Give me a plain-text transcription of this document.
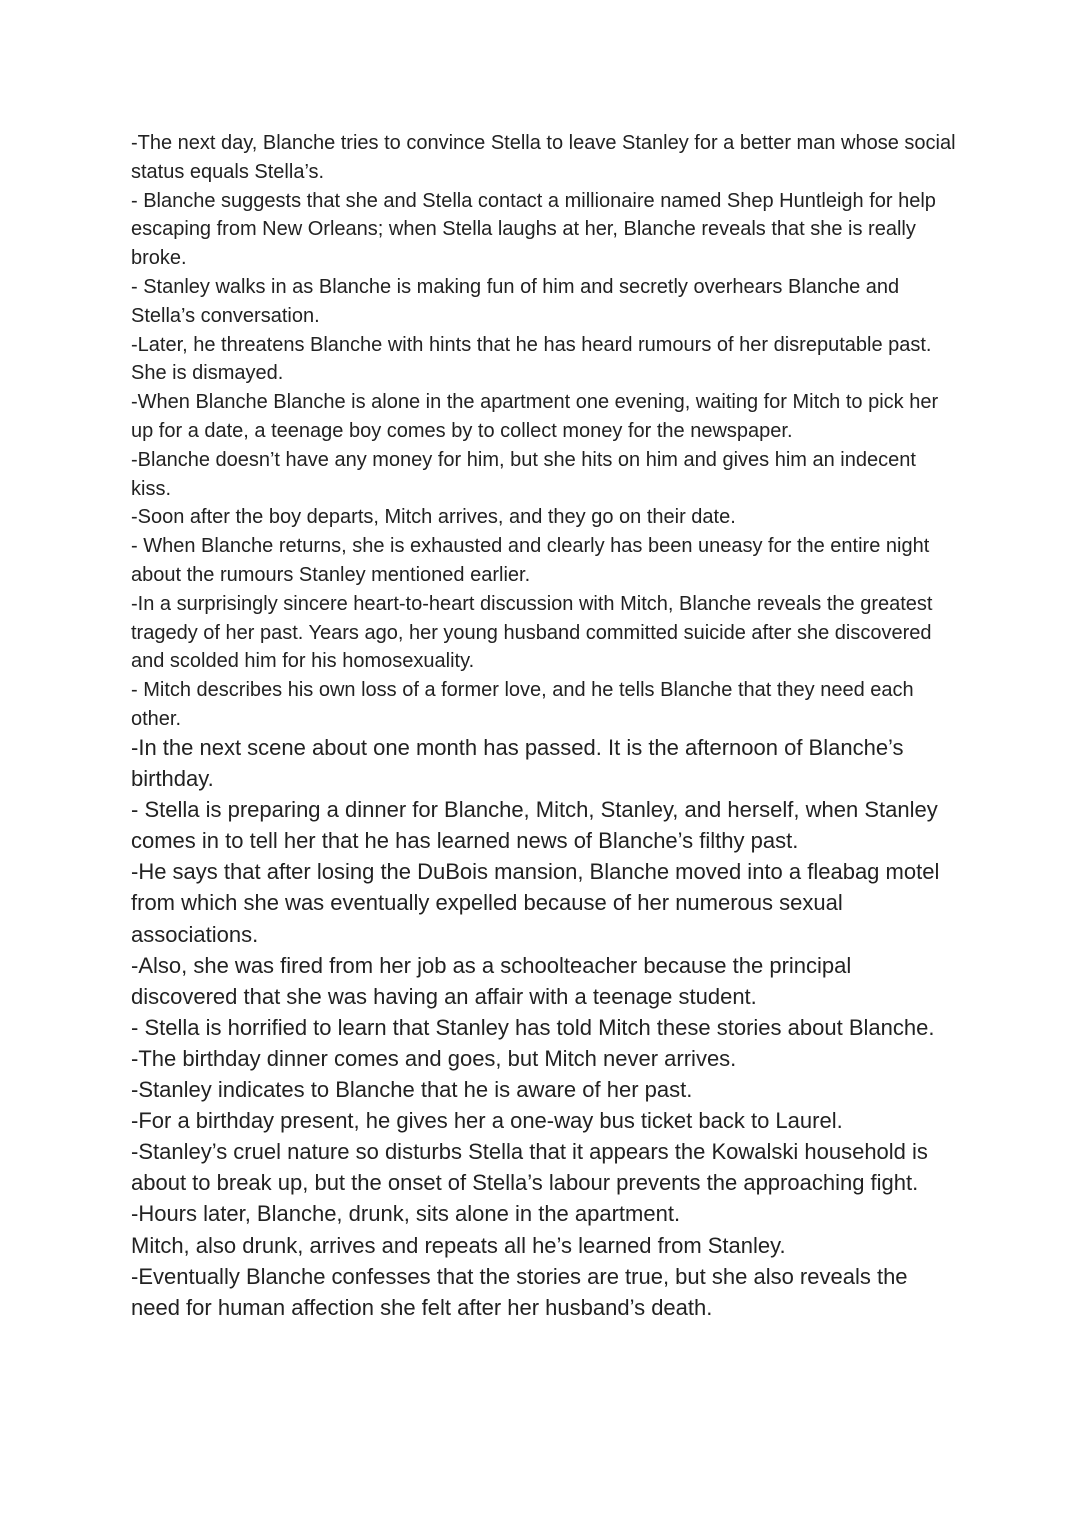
-The next day, Blanche tries to convince Stella to leave Stanley for a better man whose social status equals Stella’s.
- Blanche suggests that she and Stella contact a millionaire named Shep Huntleigh for help escaping from New Orleans; when Stella laughs at her, Blanche reveals that she is really broke.
- Stanley walks in as Blanche is making fun of him and secretly overhears Blanche and Stella’s conversation.
-Later, he threatens Blanche with hints that he has heard rumours of her disreputable past. She is dismayed.
-When Blanche Blanche is alone in the apartment one evening, waiting for Mitch to pick her up for a date, a teenage boy comes by to collect money for the newspaper.
-Blanche doesn’t have any money for him, but she hits on him and gives him an indecent kiss.
-Soon after the boy departs, Mitch arrives, and they go on their date.
- When Blanche returns, she is exhausted and clearly has been uneasy for the entire night about the rumours Stanley mentioned earlier.
-In a surprisingly sincere heart-to-heart discussion with Mitch, Blanche reveals the greatest tragedy of her past. Years ago, her young husband committed suicide after she discovered and scolded him for his homosexuality.
- Mitch describes his own loss of a former love, and he tells Blanche that they need each other.
-In the next scene about one month has passed. It is the afternoon of Blanche’s birthday.
- Stella is preparing a dinner for Blanche, Mitch, Stanley, and herself, when Stanley comes in to tell her that he has learned news of Blanche’s filthy past.
-He says that after losing the DuBois mansion, Blanche moved into a fleabag motel from which she was eventually expelled because of her numerous sexual associations.
-Also, she was fired from her job as a schoolteacher because the principal discovered that she was having an affair with a teenage student.
- Stella is horrified to learn that Stanley has told Mitch these stories about Blanche.
-The birthday dinner comes and goes, but Mitch never arrives.
-Stanley indicates to Blanche that he is aware of her past.
-For a birthday present, he gives her a one-way bus ticket back to Laurel.
-Stanley’s cruel nature so disturbs Stella that it appears the Kowalski household is about to break up, but the onset of Stella’s labour prevents the approaching fight.
-Hours later, Blanche, drunk, sits alone in the apartment.
Mitch, also drunk, arrives and repeats all he’s learned from Stanley.
-Eventually Blanche confesses that the stories are true, but she also reveals the need for human affection she felt after her husband’s death.
